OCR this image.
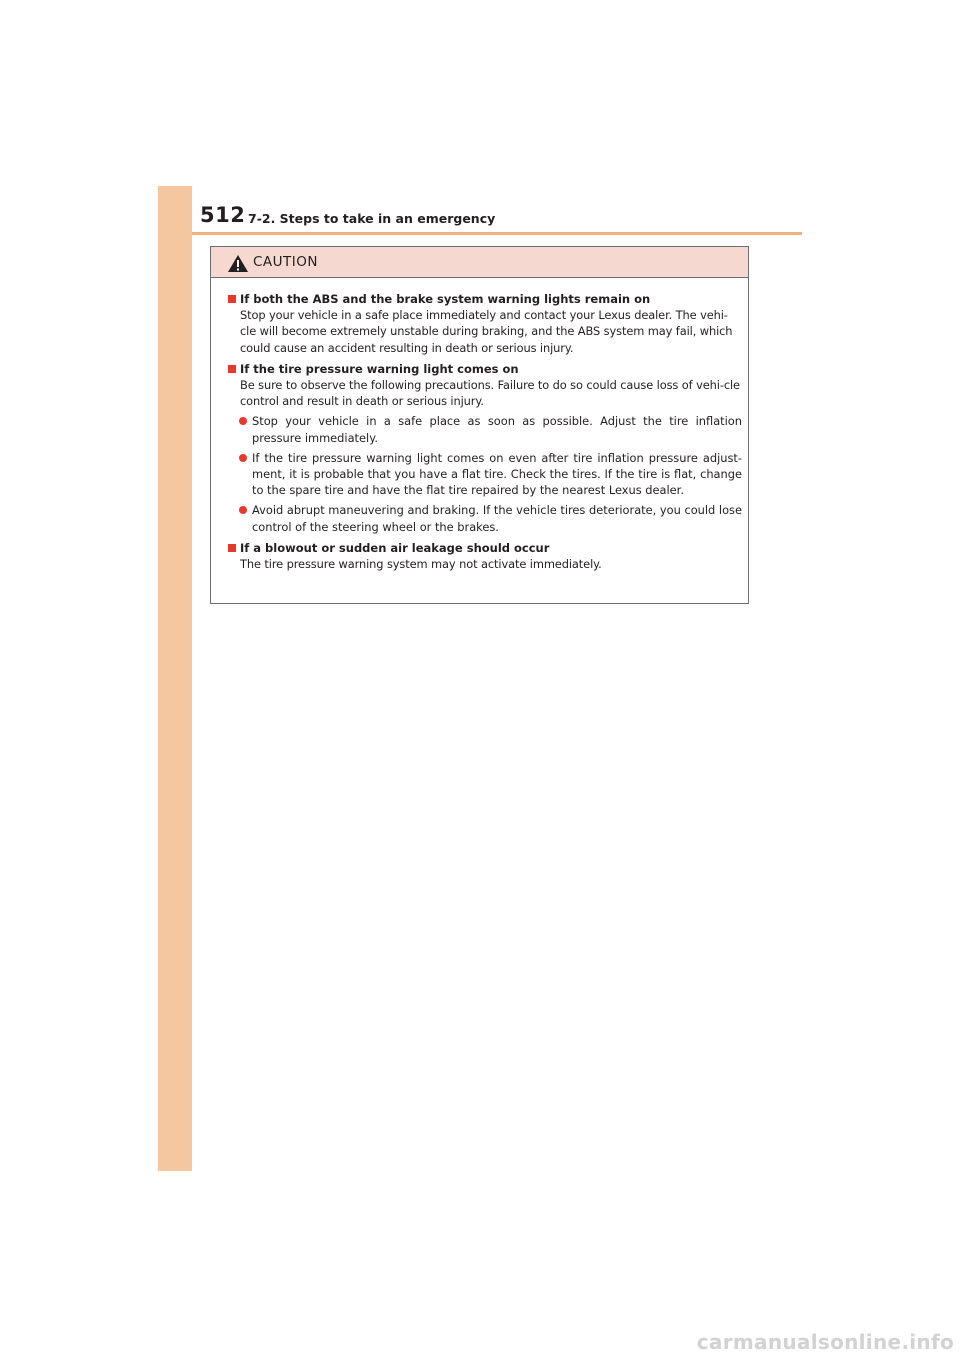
512 7-2. Steps to take in an emergency
CAUTION
If both the ABS and the brake system warning lights remain on
Stop your vehicle in a safe place immediately and contact your Lexus dealer. The vehi-cle will become extremely unstable during braking, and the ABS system may fail, which could cause an accident resulting in death or serious injury.
If the tire pressure warning light comes on
Be sure to observe the following precautions. Failure to do so could cause loss of vehi-cle control and result in death or serious injury.
Stop your vehicle in a safe place as soon as possible. Adjust the tire inflation pressure immediately.
If the tire pressure warning light comes on even after tire inflation pressure adjust-ment, it is probable that you have a flat tire. Check the tires. If the tire is flat, change to the spare tire and have the flat tire repaired by the nearest Lexus dealer.
Avoid abrupt maneuvering and braking. If the vehicle tires deteriorate, you could lose control of the steering wheel or the brakes.
If a blowout or sudden air leakage should occur
The tire pressure warning system may not activate immediately.
carmanualsonline.info
